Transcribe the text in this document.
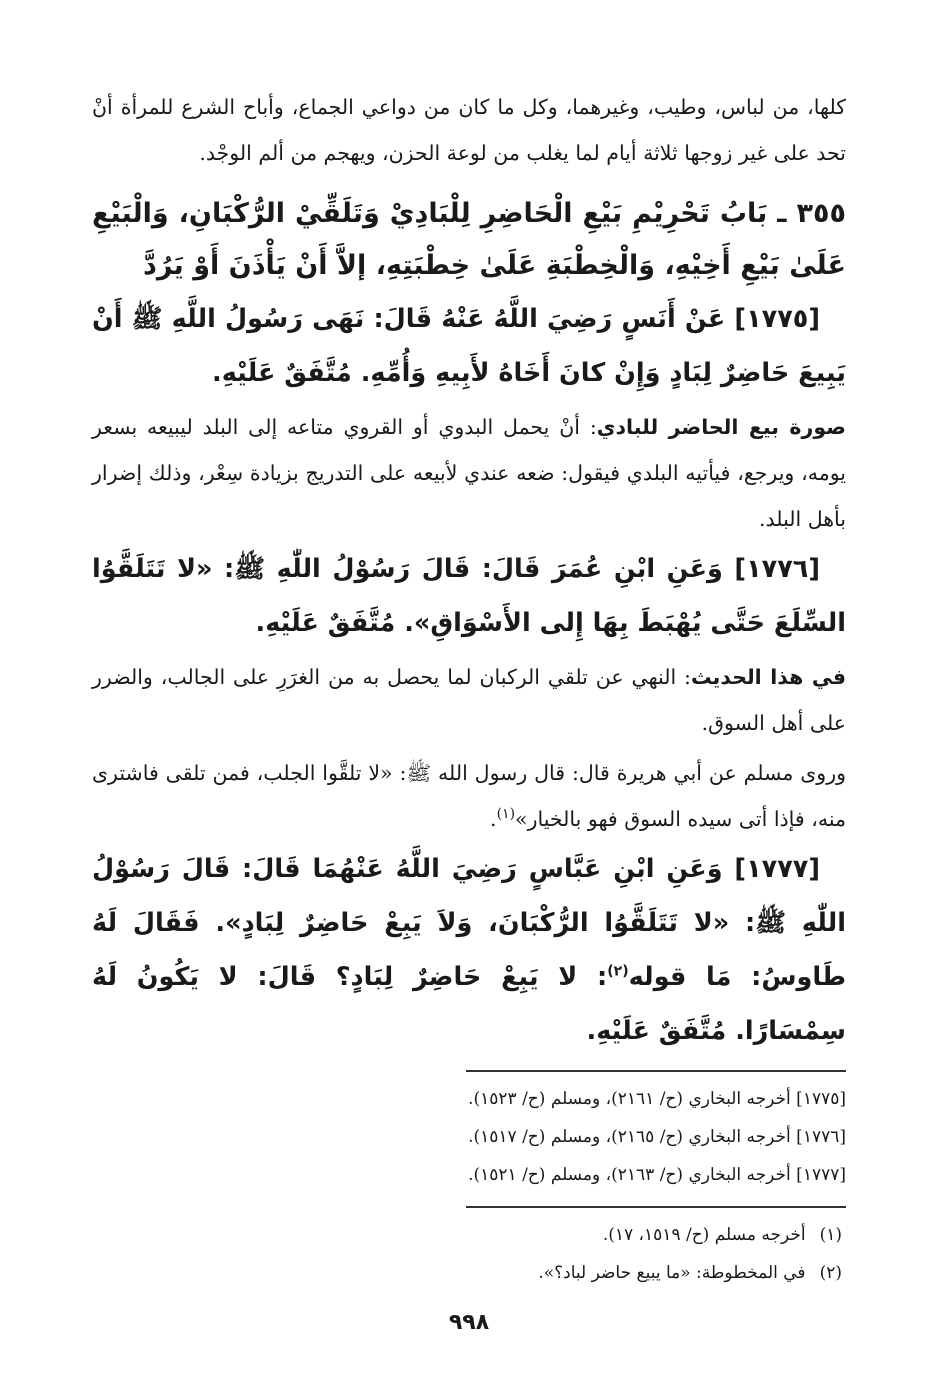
كلها، من لباس، وطيب، وغيرهما، وكل ما كان من دواعي الجماع، وأباح الشرع للمرأة أنْ تحد على غير زوجها ثلاثة أيام لما يغلب من لوعة الحزن، ويهجم من ألم الوجْد.

٣٥٥ ـ بَابُ تَحْرِيْمِ بَيْعِ الْحَاضِرِ لِلْبَادِيْ وَتَلَقِّيْ الرُّكْبَانِ، وَالْبَيْعِ عَلَىٰ بَيْعِ أَخِيْهِ، وَالْخِطْبَةِ عَلَىٰ خِطْبَتِهِ، إلاَّ أَنْ يَأْذَنَ أَوْ يَرُدَّ

[١٧٧٥] عَنْ أَنَسٍ رَضِيَ اللَّهُ عَنْهُ قَالَ: نَهَى رَسُولُ اللَّهِ ﷺ أَنْ يَبِيعَ حَاضِرٌ لِبَادٍ وَإِنْ كانَ أَخَاهُ لأَبِيهِ وَأُمِّهِ. مُتَّفَقٌ عَلَيْهِ.

صورة بيع الحاضر للبادي: أنْ يحمل البدوي أو القروي متاعه إلى البلد ليبيعه بسعر يومه، ويرجع، فيأتيه البلدي فيقول: ضعه عندي لأبيعه على التدريج بزيادة سِعْر، وذلك إضرار بأهل البلد.

[١٧٧٦] وَعَنِ ابْنِ عُمَرَ قَالَ: قَالَ رَسُوْلُ اللّٰهِ ﷺ: «لا تَتَلَقَّوُا السِّلَعَ حَتَّى يُهْبَطَ بِهَا إِلى الأَسْوَاقِ». مُتَّفَقٌ عَلَيْهِ.

في هذا الحديث: النهي عن تلقي الركبان لما يحصل به من الغرَرِ على الجالب، والضرر على أهل السوق.

وروى مسلم عن أبي هريرة قال: قال رسول الله ﷺ: «لا تلقَّوا الجلب، فمن تلقى فاشترى منه، فإذا أتى سيده السوق فهو بالخيار»$^{(١)}$.

[١٧٧٧] وَعَنِ ابْنِ عَبَّاسٍ رَضِيَ اللَّهُ عَنْهُمَا قَالَ: قَالَ رَسُوْلُ اللّٰهِ ﷺ: «لا تَتَلَقَّوُا الرُّكْبَانَ، وَلاَ يَبِعْ حَاضِرٌ لِبَادٍ». فَقَالَ لَهُ طَاوسُ: مَا قوله$^{(٢)}$: لا يَبِعْ حَاضِرٌ لِبَادٍ؟ قَالَ: لا يَكُونُ لَهُ سِمْسَارًا. مُتَّفَقٌ عَلَيْهِ.

[١٧٧٥] أخرجه البخاري (ح/ ٢١٦١)، ومسلم (ح/ ١٥٢٣).

[١٧٧٦] أخرجه البخاري (ح/ ٢١٦٥)، ومسلم (ح/ ١٥١٧).

[١٧٧٧] أخرجه البخاري (ح/ ٢١٦٣)، ومسلم (ح/ ١٥٢١).

(١)أخرجه مسلم (ح/ ١٥١٩، ١٧).

(٢)في المخطوطة: «ما يبيع حاضر لباد؟».

٩٩٨
